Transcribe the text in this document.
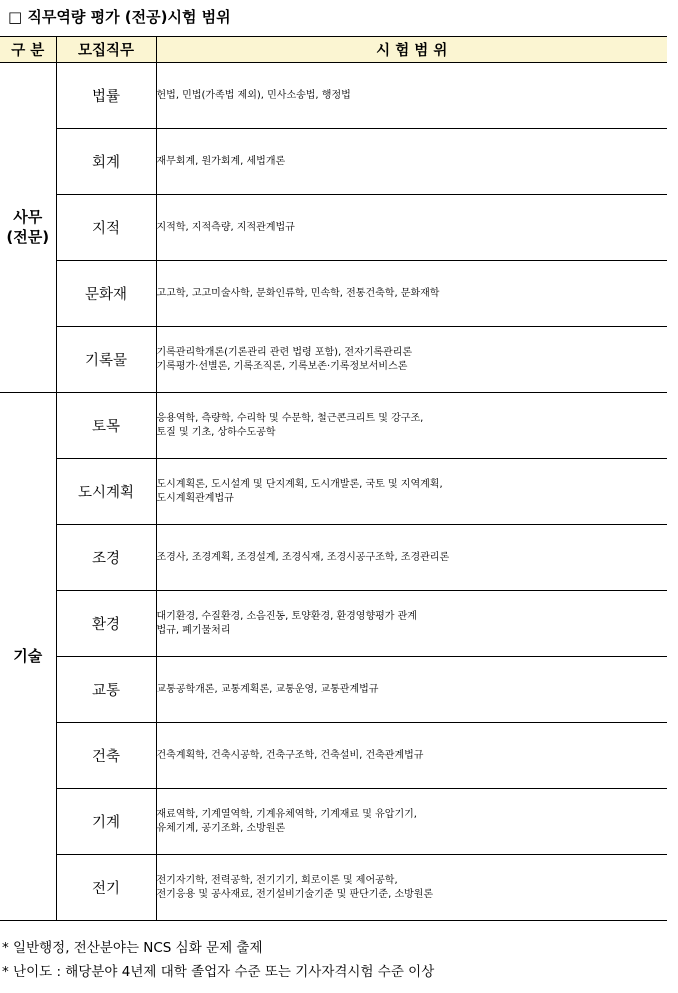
□ 직무역량 평가 (전공)시험 범위
구 분	모집직무	시 험 범 위

사무
(전문)	법률	헌법, 민법(가족법 제외), 민사소송법, 행정법

	회계	재무회계, 원가회계, 세법개론

	지적	지적학, 지적측량, 지적관계법규

	문화재	고고학, 고고미술사학, 문화인류학, 민속학, 전통건축학, 문화재학

	기록물	기록관리학개론(기론관리 관련 법령 포함), 전자기록관리론
기록평가·선별론, 기록조직론, 기록보존·기록정보서비스론

기술	토목	응용역학, 측량학, 수리학 및 수문학, 철근콘크리트 및 강구조,
토질 및 기초, 상하수도공학

	도시계획	도시계획론, 도시설계 및 단지계획, 도시개발론, 국토 및 지역계획,
도시계획관계법규

	조경	조경사, 조경계획, 조경설계, 조경식재, 조경시공구조학, 조경관리론

	환경	대기환경, 수질환경, 소음진동, 토양환경, 환경영향평가 관계
법규, 폐기물처리

	교통	교통공학개론, 교통계획론, 교통운영, 교통관계법규

	건축	건축계획학, 건축시공학, 건축구조학, 건축설비, 건축관계법규

	기계	재료역학, 기계열역학, 기계유체역학, 기계재료 및 유압기기,
유체기계, 공기조화, 소방원론

	전기	전기자기학, 전력공학, 전기기기, 회로이론 및 제어공학,
전기응용 및 공사재료, 전기설비기술기준 및 판단기준, 소방원론
* 일반행정, 전산분야는 NCS 심화 문제 출제
* 난이도 : 해당분야 4년제 대학 졸업자 수준 또는 기사자격시험 수준 이상
